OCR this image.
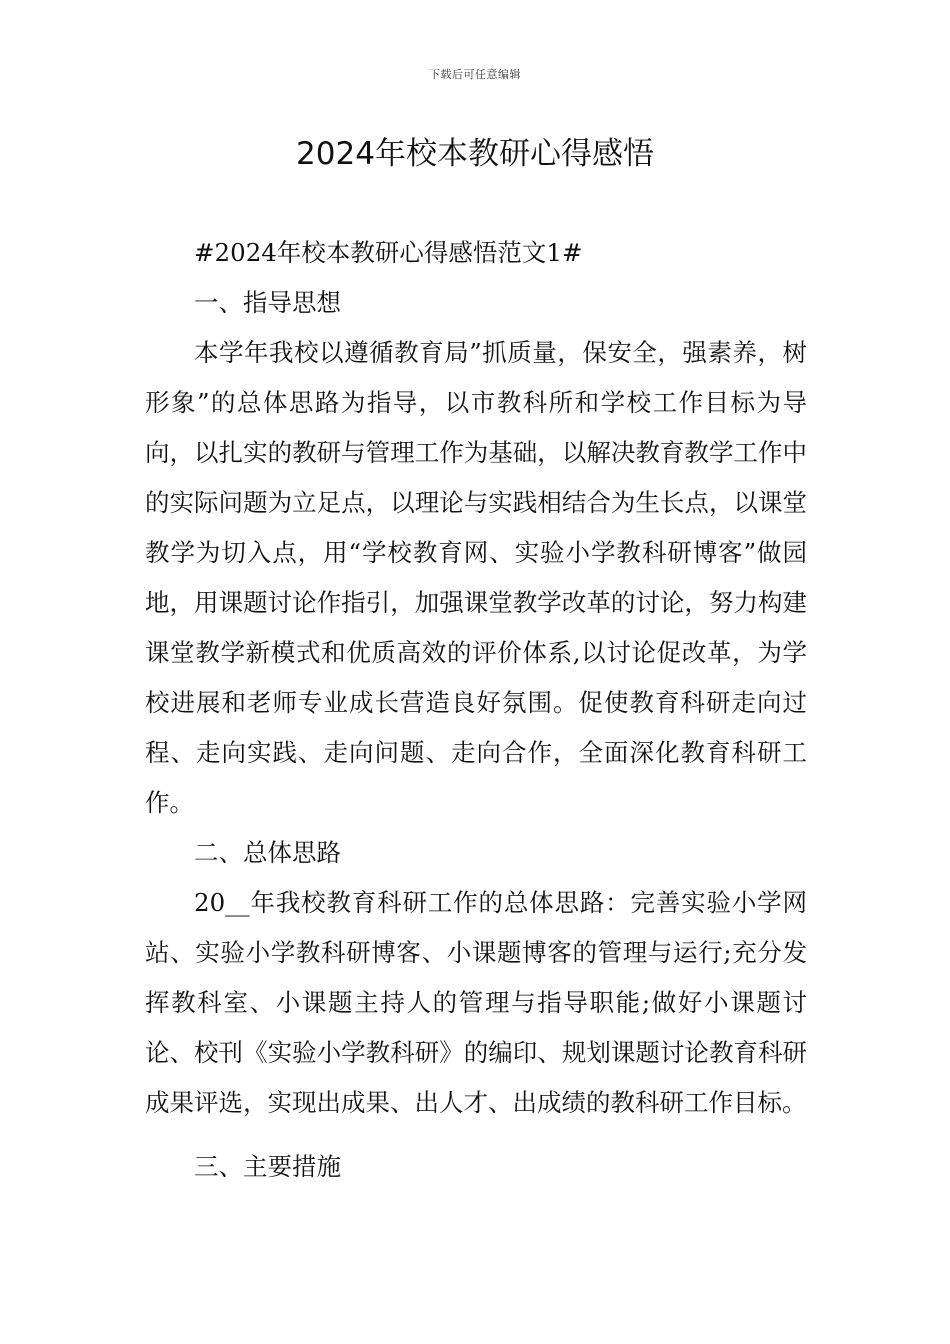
下载后可任意编辑
2024年校本教研心得感悟

#2024年校本教研心得感悟范文1#

一、指导思想

本学年我校以遵循教育局”抓质量，保安全，强素养，树形象”的总体思路为指导，以市教科所和学校工作目标为导向，以扎实的教研与管理工作为基础，以解决教育教学工作中的实际问题为立足点，以理论与实践相结合为生长点，以课堂教学为切入点，用“学校教育网、实验小学教科研博客”做园地，用课题讨论作指引，加强课堂教学改革的讨论，努力构建课堂教学新模式和优质高效的评价体系,以讨论促改革，为学校进展和老师专业成长营造良好氛围。促使教育科研走向过程、走向实践、走向问题、走向合作，全面深化教育科研工作。

二、总体思路

20__年我校教育科研工作的总体思路：完善实验小学网站、实验小学教科研博客、小课题博客的管理与运行;充分发挥教科室、小课题主持人的管理与指导职能;做好小课题讨论、校刊《实验小学教科研》的编印、规划课题讨论教育科研成果评选，实现出成果、出人才、出成绩的教科研工作目标。

三、主要措施
